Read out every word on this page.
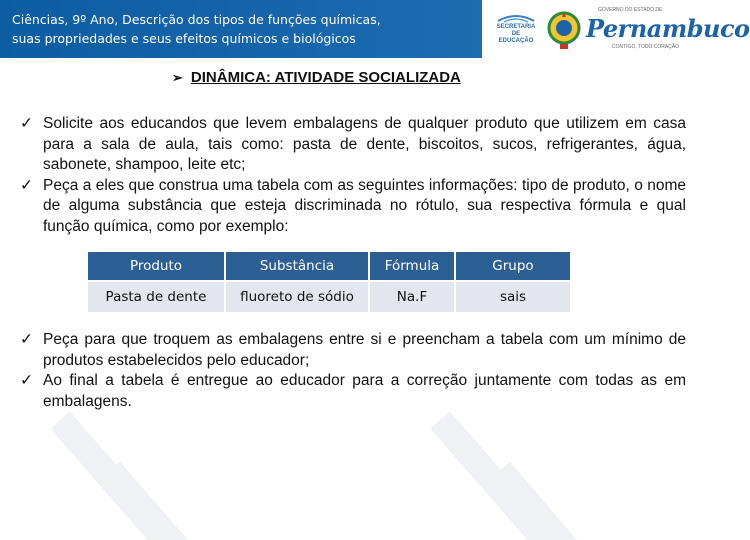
Ciências, 9º Ano, Descrição dos tipos de funções químicas,
suas propriedades e seus efeitos químicos e biológicos
SECRETARIA
DE EDUCAÇÃO
GOVERNO DO ESTADO DE
Pernambuco
CONTIGO, TODO CORAÇÃO
➢ DINÂMICA: ATIVIDADE SOCIALIZADA
✓ Solicite aos educandos que levem embalagens de qualquer produto que utilizem em casa para a sala de aula, tais como: pasta de dente, biscoitos, sucos, refrigerantes, água, sabonete, shampoo, leite etc;
✓ Peça a eles que construa uma tabela com as seguintes informações: tipo de produto, o nome de alguma substância que esteja discriminada no rótulo, sua respectiva fórmula e qual função química, como por exemplo:
Produto	Substância	Fórmula	Grupo
Pasta de dente	fluoreto de sódio	Na.F	sais
✓ Peça para que troquem as embalagens entre si e preencham a tabela com um mínimo de produtos estabelecidos pelo educador;
✓ Ao final a tabela é entregue ao educador para a correção juntamente com todas as em embalagens.
